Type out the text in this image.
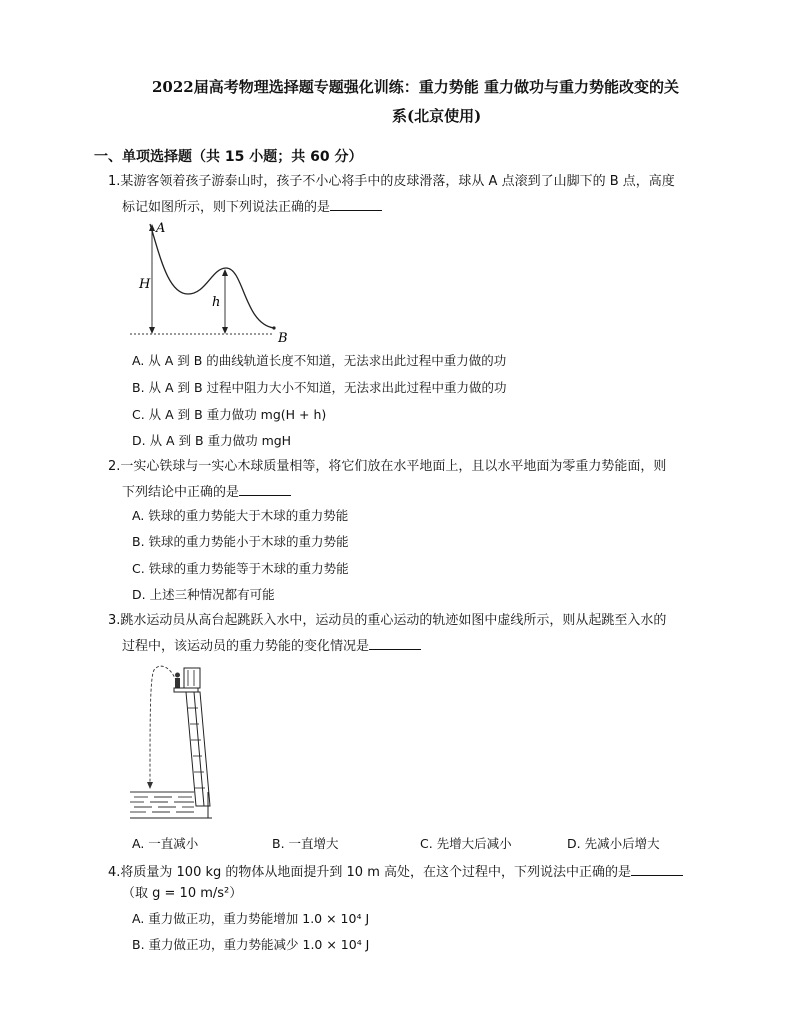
2022届高考物理选择题专题强化训练：重力势能 重力做功与重力势能改变的关
系(北京使用)
一、单项选择题（共 15 小题；共 60 分）
1.某游客领着孩子游泰山时，孩子不小心将手中的皮球滑落，球从 A 点滚到了山脚下的 B 点，高度
标记如图所示，则下列说法正确的是
A
H
h
B
A. 从 A 到 B 的曲线轨道长度不知道，无法求出此过程中重力做的功
B. 从 A 到 B 过程中阻力大小不知道，无法求出此过程中重力做的功
C. 从 A 到 B 重力做功 mg(H + h)
D. 从 A 到 B 重力做功 mgH
2.一实心铁球与一实心木球质量相等，将它们放在水平地面上，且以水平地面为零重力势能面，则
下列结论中正确的是
A. 铁球的重力势能大于木球的重力势能
B. 铁球的重力势能小于木球的重力势能
C. 铁球的重力势能等于木球的重力势能
D. 上述三种情况都有可能
3.跳水运动员从高台起跳跃入水中，运动员的重心运动的轨迹如图中虚线所示，则从起跳至入水的
过程中，该运动员的重力势能的变化情况是
A. 一直减小	B. 一直增大	C. 先增大后减小	D. 先减小后增大
4.将质量为 100 kg 的物体从地面提升到 10 m 高处，在这个过程中，下列说法中正确的是
（取 g = 10 m/s²）
A. 重力做正功，重力势能增加 1.0 × 10⁴ J
B. 重力做正功，重力势能减少 1.0 × 10⁴ J
